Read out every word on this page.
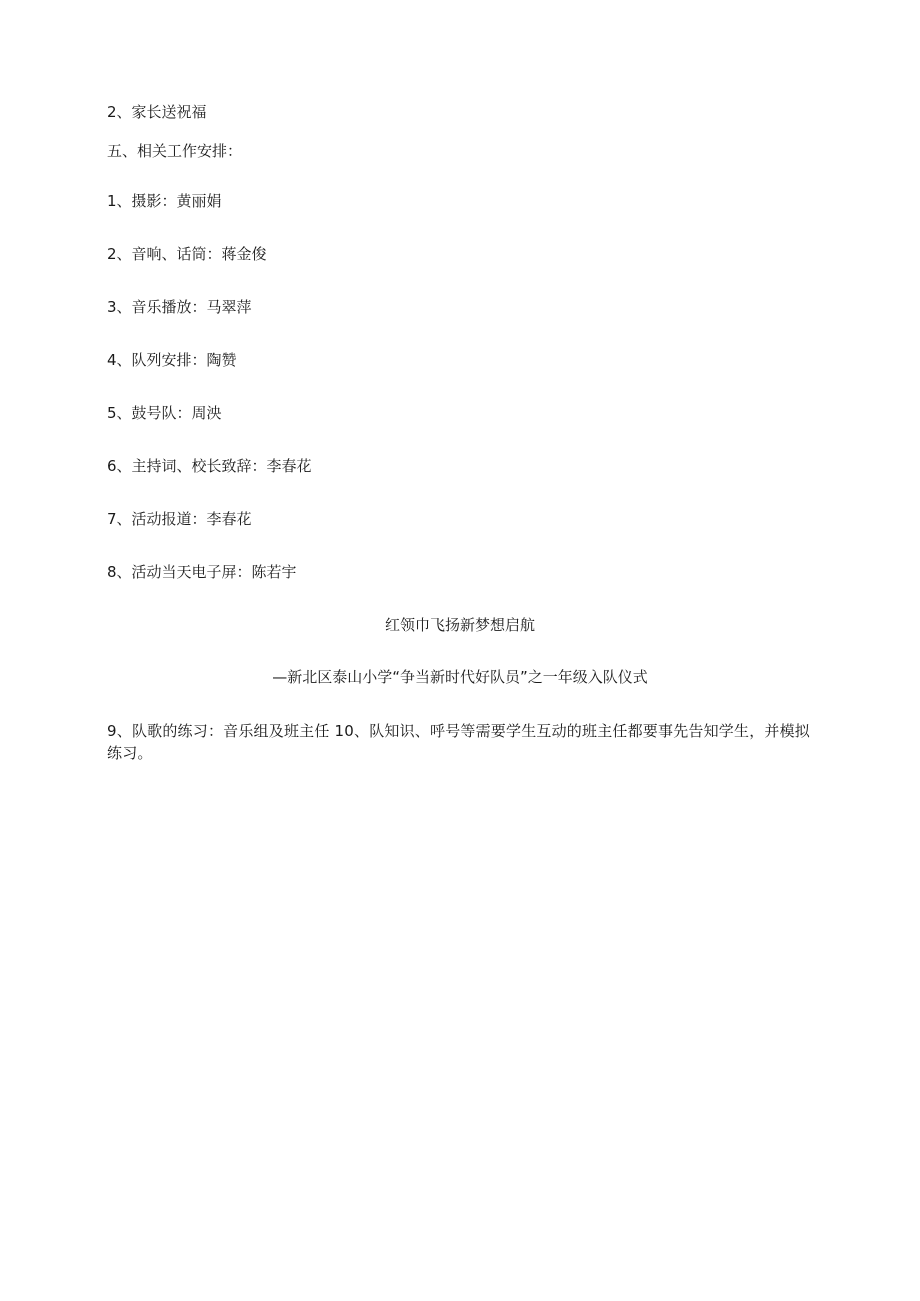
2、家长送祝福
五、相关工作安排：
1、摄影：黄丽娟
2、音响、话筒：蒋金俊
3、音乐播放：马翠萍
4、队列安排：陶赞
5、鼓号队：周泱
6、主持词、校长致辞：李春花
7、活动报道：李春花
8、活动当天电子屏：陈若宇
红领巾飞扬新梦想启航
—新北区泰山小学“争当新时代好队员”之一年级入队仪式
9、队歌的练习：音乐组及班主任 10、队知识、呼号等需要学生互动的班主任都要事先告知学生，并模拟练习。
